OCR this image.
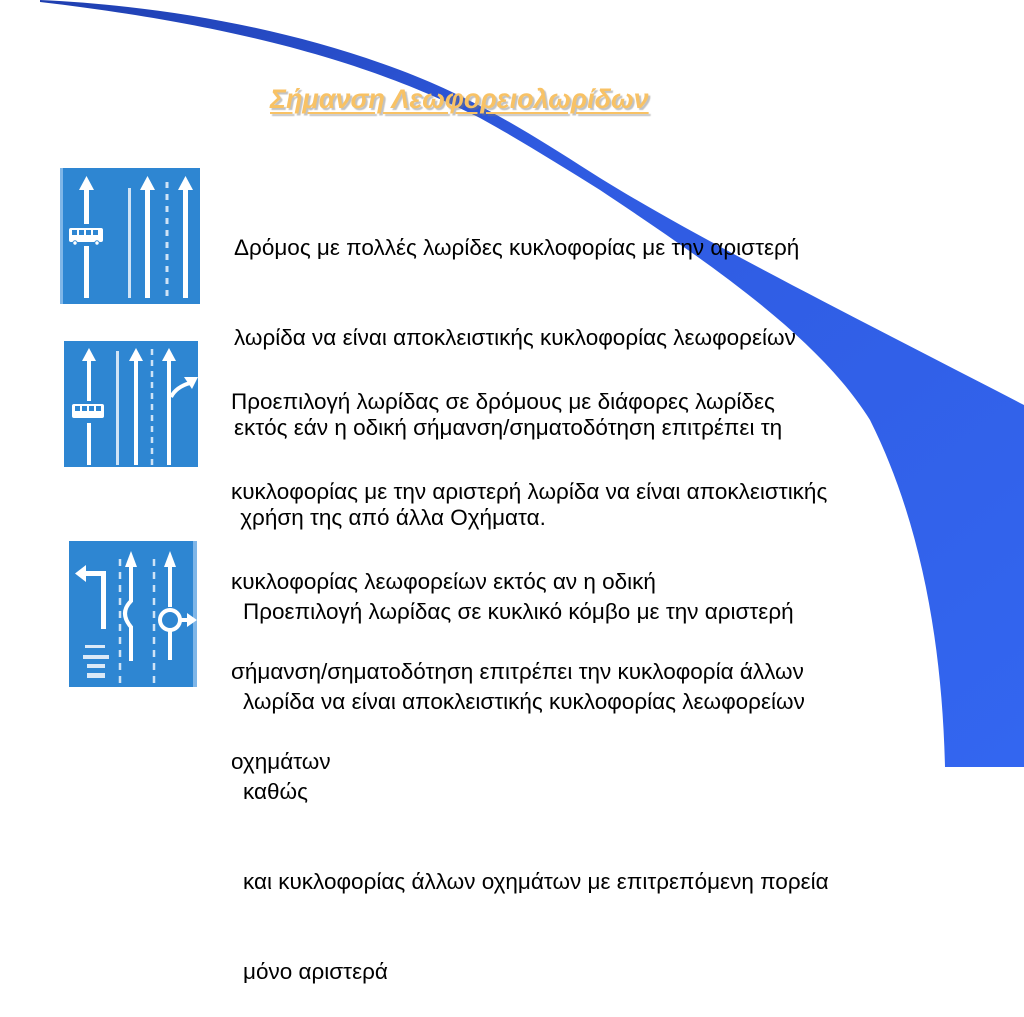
Σήμανση Λεωφορειολωρίδων

Δρόμος με πολλές λωρίδες κυκλοφορίας με την αριστερή

λωρίδα να είναι αποκλειστικής κυκλοφορίας λεωφορείων

εκτός εάν η οδική σήμανση/σηματοδότηση επιτρέπει τη

χρήση της από άλλα Οχήματα.

Προεπιλογή λωρίδας σε δρόμους με διάφορες λωρίδες

κυκλοφορίας με την αριστερή λωρίδα να είναι αποκλειστικής

κυκλοφορίας λεωφορείων εκτός αν η οδική

σήμανση/σηματοδότηση επιτρέπει την κυκλοφορία άλλων

οχημάτων

Προεπιλογή λωρίδας σε κυκλικό κόμβο με την αριστερή

λωρίδα να είναι αποκλειστικής κυκλοφορίας λεωφορείων

καθώς

και κυκλοφορίας άλλων οχημάτων με επιτρεπόμενη πορεία

μόνο αριστερά
